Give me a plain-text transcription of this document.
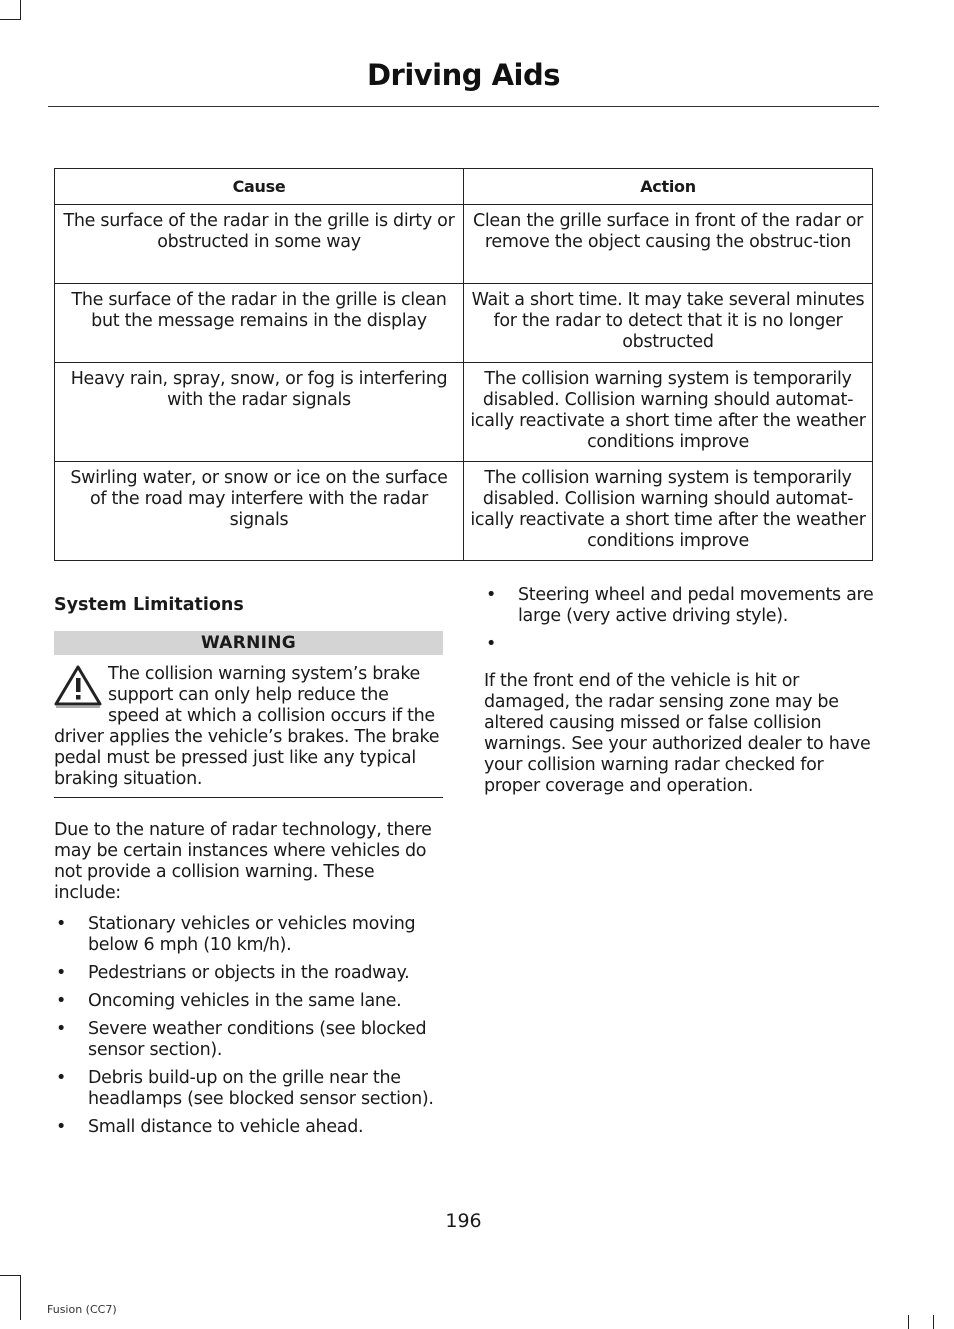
Driving Aids
Cause	Action
The surface of the radar in the grille is dirty or obstructed in some way	Clean the grille surface in front of the radar or remove the object causing the obstruc-tion
The surface of the radar in the grille is clean but the message remains in the display	Wait a short time. It may take several minutes for the radar to detect that it is no longer obstructed
Heavy rain, spray, snow, or fog is interfering with the radar signals	The collision warning system is temporarily disabled. Collision warning should automat-ically reactivate a short time after the weather conditions improve
Swirling water, or snow or ice on the surface of the road may interfere with the radar signals	The collision warning system is temporarily disabled. Collision warning should automat-ically reactivate a short time after the weather conditions improve
System Limitations
WARNING
The collision warning system’s brake support can only help reduce the speed at which a collision occurs if the driver applies the vehicle’s brakes. The brake pedal must be pressed just like any typical braking situation.

Due to the nature of radar technology, there may be certain instances where vehicles do not provide a collision warning. These include:

• Stationary vehicles or vehicles moving below 6 mph (10 km/h).
• Pedestrians or objects in the roadway.
• Oncoming vehicles in the same lane.
• Severe weather conditions (see blocked sensor section).
• Debris build-up on the grille near the headlamps (see blocked sensor section).
• Small distance to vehicle ahead.
• Steering wheel and pedal movements are large (very active driving style).
•

If the front end of the vehicle is hit or damaged, the radar sensing zone may be altered causing missed or false collision warnings. See your authorized dealer to have your collision warning radar checked for proper coverage and operation.

196
Fusion (CC7)
